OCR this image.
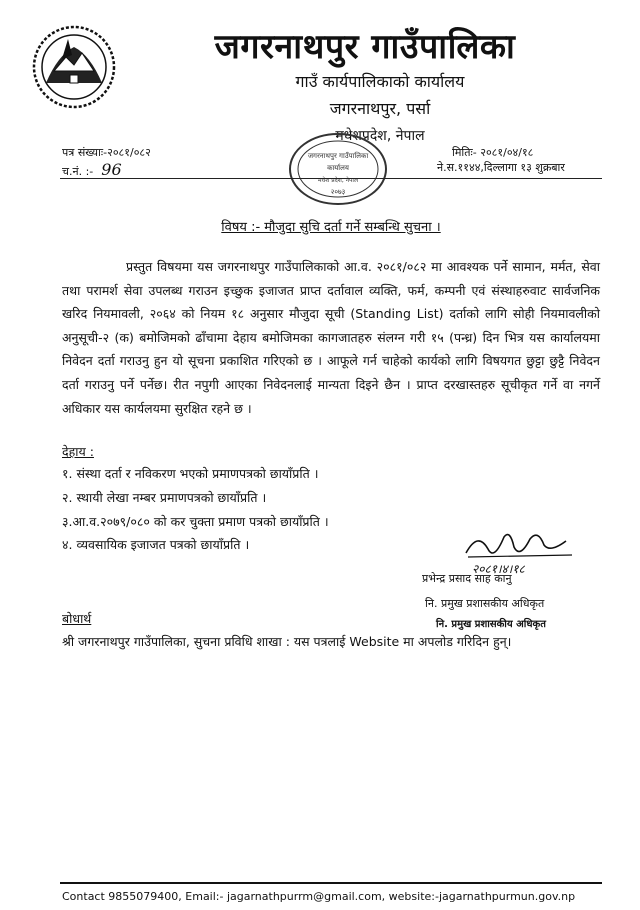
जगरनाथपुर गाउँपालिका
गाउँ कार्यपालिकाको कार्यालय
जगरनाथपुर, पर्सा
मधेशप्रदेश, नेपाल
पत्र संख्याः-२०८१/०८२
च.नं. :- 96
मितिः- २०८१/०४/१८
ने.स.११४४,दिल्लागा १३ शुक्रबार
जगरनाथपुर गाउँपालिका
कार्यालय
मधेश प्रदेश, नेपाल
२०७३
विषय :- मौजुदा सुचि दर्ता गर्ने सम्बन्धि सुचना ।

प्रस्तुत विषयमा यस जगरनाथपुर गाउँपालिकाको आ.व. २०८१/०८२ मा आवश्यक पर्ने सामान, मर्मत, सेवा तथा परामर्श सेवा उपलब्ध गराउन इच्छुक इजाजत प्राप्त दर्तावाल व्यक्ति, फर्म, कम्पनी एवं संस्थाहरुवाट सार्वजनिक खरिद नियमावली, २०६४ को नियम १८ अनुसार मौजुदा सूची (Standing List) दर्ताको लागि सोही नियमावलीको अनुसूची-२ (क) बमोजिमको ढाँचामा देहाय बमोजिमका कागजातहरु संलग्न गरी १५ (पन्ध्र) दिन भित्र यस कार्यालयमा निवेदन दर्ता गराउनु हुन यो सूचना प्रकाशित गरिएको छ । आफूले गर्न चाहेको कार्यको लागि विषयगत छुट्टा छुट्टै निवेदन दर्ता गराउनु पर्ने पर्नेछ। रीत नपुगी आएका निवेदनलाई मान्यता दिइने छैन । प्राप्त दरखास्तहरु सूचीकृत गर्ने वा नगर्ने अधिकार यस कार्यलयमा सुरक्षित रहने छ ।

देहाय :
१. संस्था दर्ता र नविकरण भएको प्रमाणपत्रको छायाँप्रति ।
२. स्थायी लेखा नम्बर प्रमाणपत्रको छायाँप्रति ।
३.आ.व.२०७९/०८० को कर चुक्ता प्रमाण पत्रको छायाँप्रति ।
४. व्यवसायिक इजाजत पत्रको छायाँप्रति ।
२०८१।४।१८
प्रभेन्द्र प्रसाद साह कानु
नि. प्रमुख प्रशासकीय अधिकृत
नि. प्रमुख प्रशासकीय अधिकृत
बोधार्थ
श्री जगरनाथपुर गाउँपालिका, सुचना प्रविधि शाखा : यस पत्रलाई Website मा अपलोड गरिदिन हुन्।
Contact 9855079400, Email:- jagarnathpurrm@gmail.com, website:-jagarnathpurmun.gov.np
